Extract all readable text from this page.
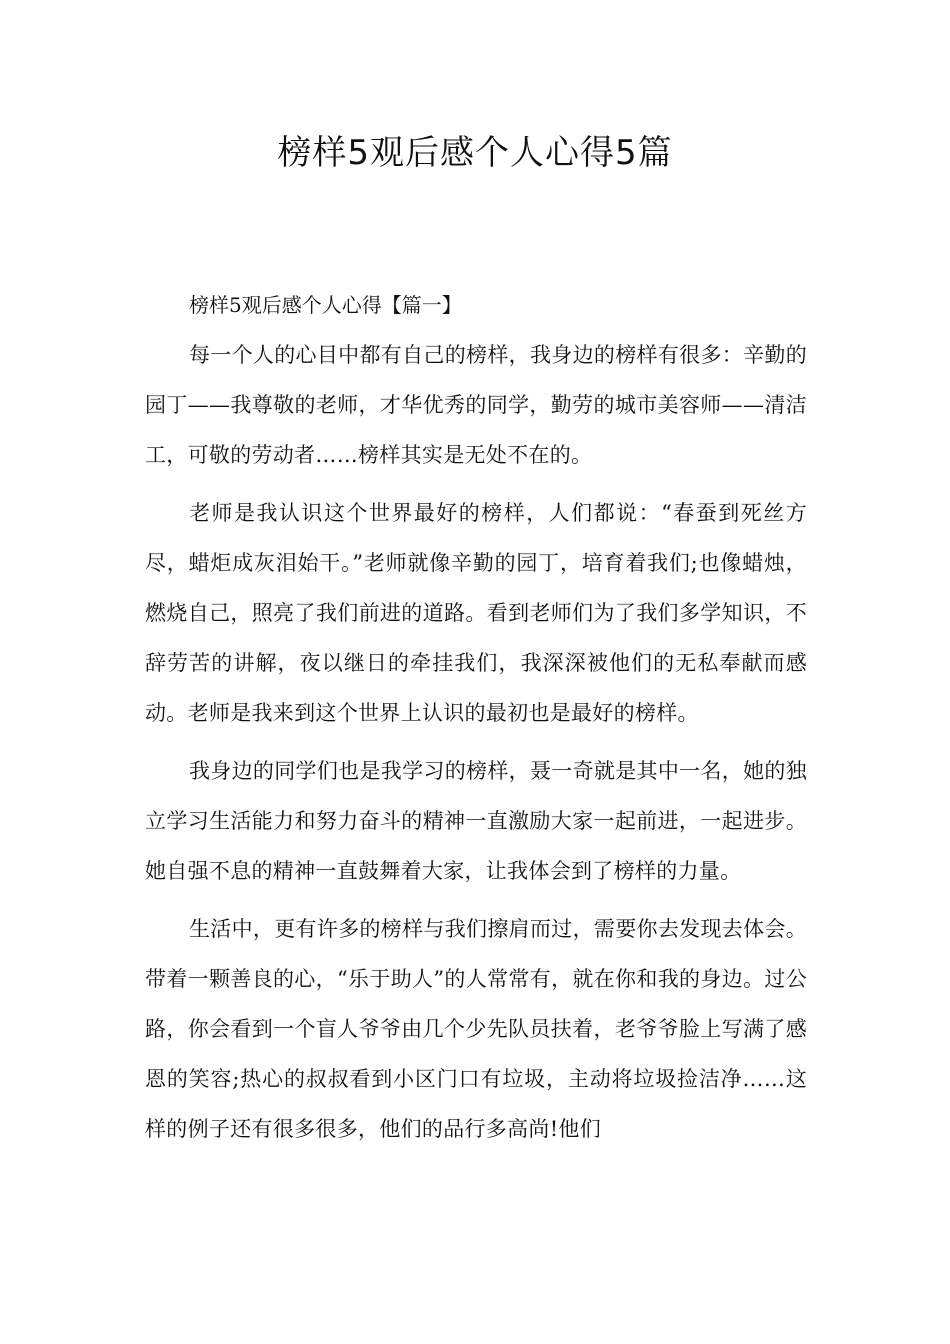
榜样5观后感个人心得5篇

榜样5观后感个人心得【篇一】

每一个人的心目中都有自己的榜样，我身边的榜样有很多：辛勤的园丁——我尊敬的老师，才华优秀的同学，勤劳的城市美容师——清洁工，可敬的劳动者……榜样其实是无处不在的。

老师是我认识这个世界最好的榜样，人们都说：“春蚕到死丝方尽，蜡炬成灰泪始干。”老师就像辛勤的园丁，培育着我们;也像蜡烛，燃烧自己，照亮了我们前进的道路。看到老师们为了我们多学知识，不辞劳苦的讲解，夜以继日的牵挂我们，我深深被他们的无私奉献而感动。老师是我来到这个世界上认识的最初也是最好的榜样。

我身边的同学们也是我学习的榜样，聂一奇就是其中一名，她的独立学习生活能力和努力奋斗的精神一直激励大家一起前进，一起进步。她自强不息的精神一直鼓舞着大家，让我体会到了榜样的力量。

生活中，更有许多的榜样与我们擦肩而过，需要你去发现去体会。带着一颗善良的心，“乐于助人”的人常常有，就在你和我的身边。过公路，你会看到一个盲人爷爷由几个少先队员扶着，老爷爷脸上写满了感恩的笑容;热心的叔叔看到小区门口有垃圾，主动将垃圾捡洁净……这样的例子还有很多很多，他们的品行多高尚!他们
